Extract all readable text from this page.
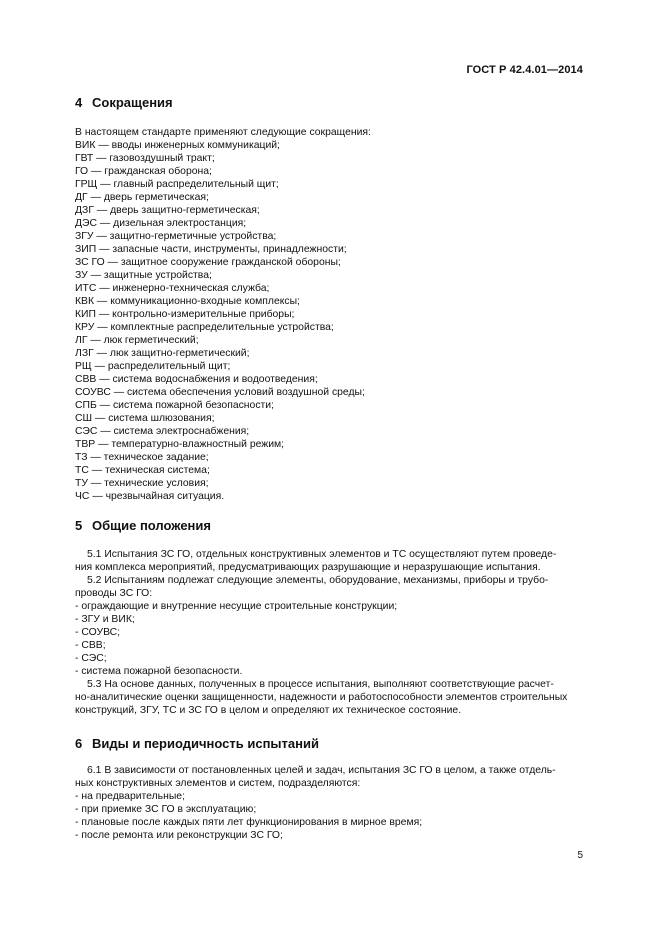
ГОСТ Р 42.4.01—2014
4 Сокращения
В настоящем стандарте применяют следующие сокращения:
ВИК — вводы инженерных коммуникаций;
ГВТ — газовоздушный тракт;
ГО — гражданская оборона;
ГРЩ — главный распределительный щит;
ДГ — дверь герметическая;
ДЗГ — дверь защитно-герметическая;
ДЭС — дизельная электростанция;
ЗГУ — защитно-герметичные устройства;
ЗИП — запасные части, инструменты, принадлежности;
ЗС ГО — защитное сооружение гражданской обороны;
ЗУ — защитные устройства;
ИТС — инженерно-техническая служба;
КВК — коммуникационно-входные комплексы;
КИП — контрольно-измерительные приборы;
КРУ — комплектные распределительные устройства;
ЛГ — люк герметический;
ЛЗГ — люк защитно-герметический;
РЩ — распределительный щит;
СВВ — система водоснабжения и водоотведения;
СОУВС — система обеспечения условий воздушной среды;
СПБ — система пожарной безопасности;
СШ — система шлюзования;
СЭС — система электроснабжения;
ТВР — температурно-влажностный режим;
ТЗ — техническое задание;
ТС — техническая система;
ТУ — технические условия;
ЧС — чрезвычайная ситуация.
5 Общие положения
5.1 Испытания ЗС ГО, отдельных конструктивных элементов и ТС осуществляют путем проведе-
ния комплекса мероприятий, предусматривающих разрушающие и неразрушающие испытания.
5.2 Испытаниям подлежат следующие элементы, оборудование, механизмы, приборы и трубо-
проводы ЗС ГО:
- ограждающие и внутренние несущие строительные конструкции;
- ЗГУ и ВИК;
- СОУВС;
- СВВ;
- СЭС;
- система пожарной безопасности.
5.3 На основе данных, полученных в процессе испытания, выполняют соответствующие расчет-
но-аналитические оценки защищенности, надежности и работоспособности элементов строительных
конструкций, ЗГУ, ТС и ЗС ГО в целом и определяют их техническое состояние.
6 Виды и периодичность испытаний
6.1 В зависимости от постановленных целей и задач, испытания ЗС ГО в целом, а также отдель-
ных конструктивных элементов и систем, подразделяются:
- на предварительные;
- при приемке ЗС ГО в эксплуатацию;
- плановые после каждых пяти лет функционирования в мирное время;
- после ремонта или реконструкции ЗС ГО;
5
